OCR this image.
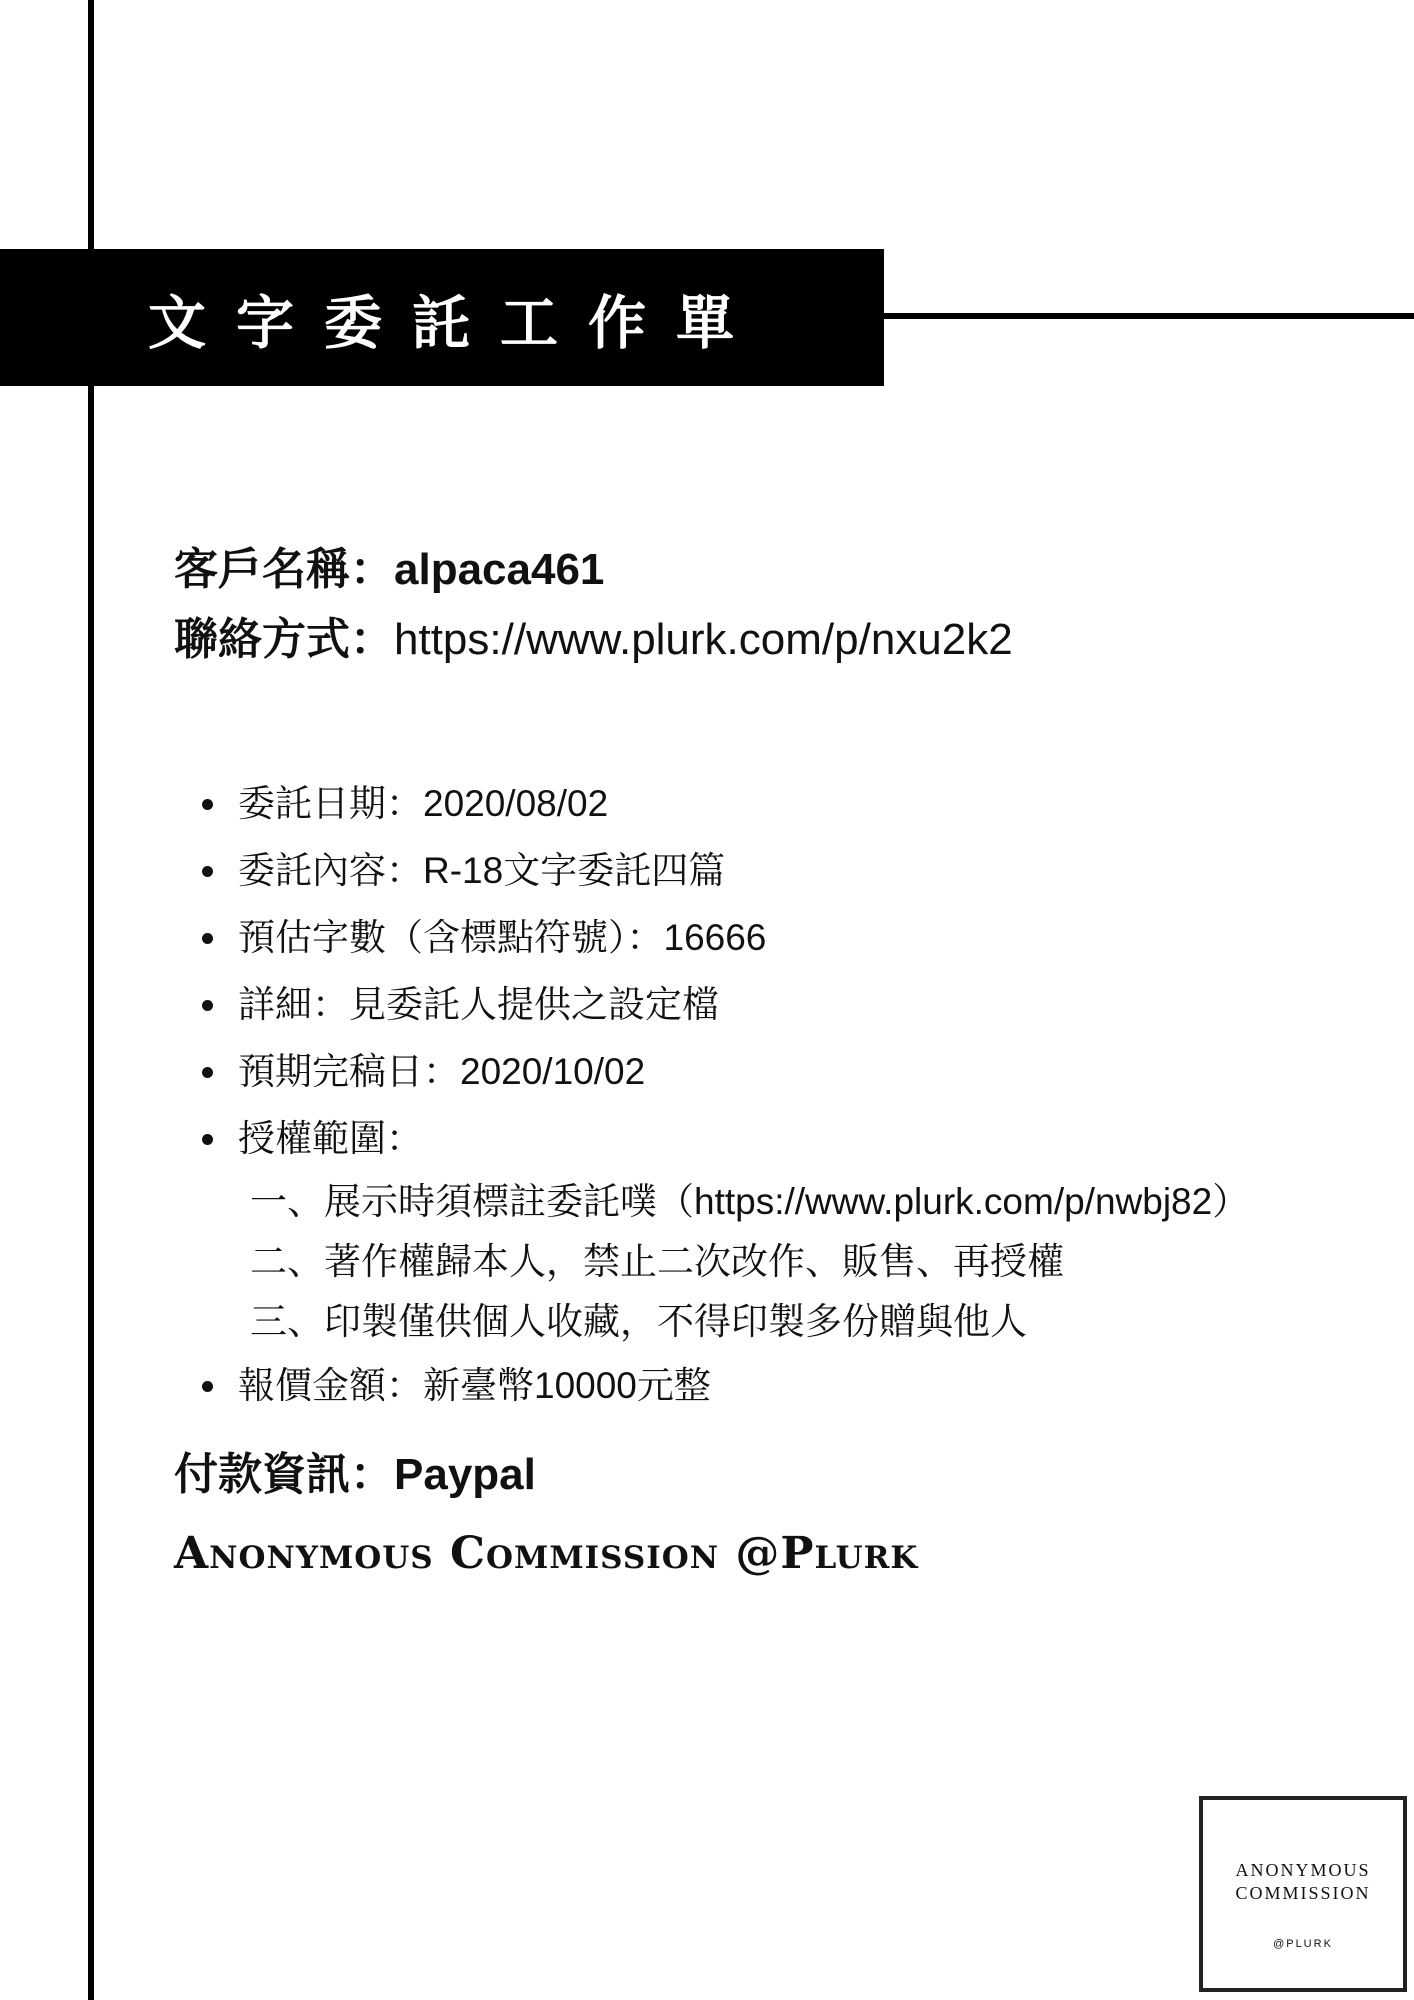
文字委託工作單
客戶名稱：alpaca461
聯絡方式：https://www.plurk.com/p/nxu2k2
委託日期：2020/08/02
委託內容：R-18文字委託四篇
預估字數（含標點符號）：16666
詳細：見委託人提供之設定檔
預期完稿日：2020/10/02
授權範圍：
一、展示時須標註委託噗（https://www.plurk.com/p/nwbj82）
二、著作權歸本人，禁止二次改作、販售、再授權
三、印製僅供個人收藏，不得印製多份贈與他人
報價金額：新臺幣10000元整
付款資訊：Paypal
Anonymous Commission @Plurk
ANONYMOUS
COMMISSION
@PLURK
